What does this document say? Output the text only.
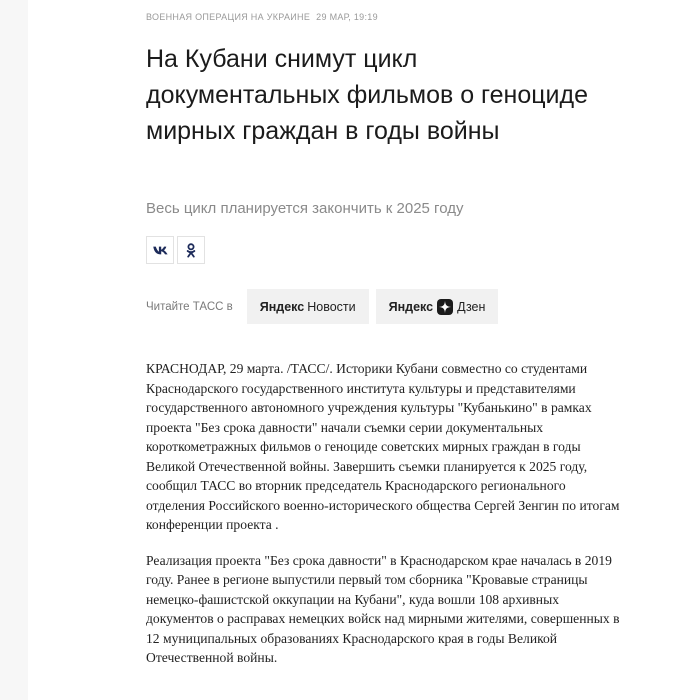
ВОЕННАЯ ОПЕРАЦИЯ НА УКРАИНЕ 29 МАР, 19:19
На Кубани снимут цикл документальных фильмов о геноциде мирных граждан в годы войны

Весь цикл планируется закончить к 2025 году

Читайте ТАСС в Яндекс Новости	Яндекс Дзен

КРАСНОДАР, 29 марта. /ТАСС/. Историки Кубани совместно со студентами Краснодарского государственного института культуры и представителями государственного автономного учреждения культуры "Кубанькино" в рамках проекта "Без срока давности" начали съемки серии документальных короткометражных фильмов о геноциде советских мирных граждан в годы Великой Отечественной войны. Завершить съемки планируется к 2025 году, сообщил ТАСС во вторник председатель Краснодарского регионального отделения Российского военно-исторического общества Сергей Зенгин по итогам конференции проекта .

Реализация проекта "Без срока давности" в Краснодарском крае началась в 2019 году. Ранее в регионе выпустили первый том сборника "Кровавые страницы немецко-фашистской оккупации на Кубани", куда вошли 108 архивных документов о расправах немецких войск над мирными жителями, совершенных в 12 муниципальных образованиях Краснодарского края в годы Великой Отечественной войны.
